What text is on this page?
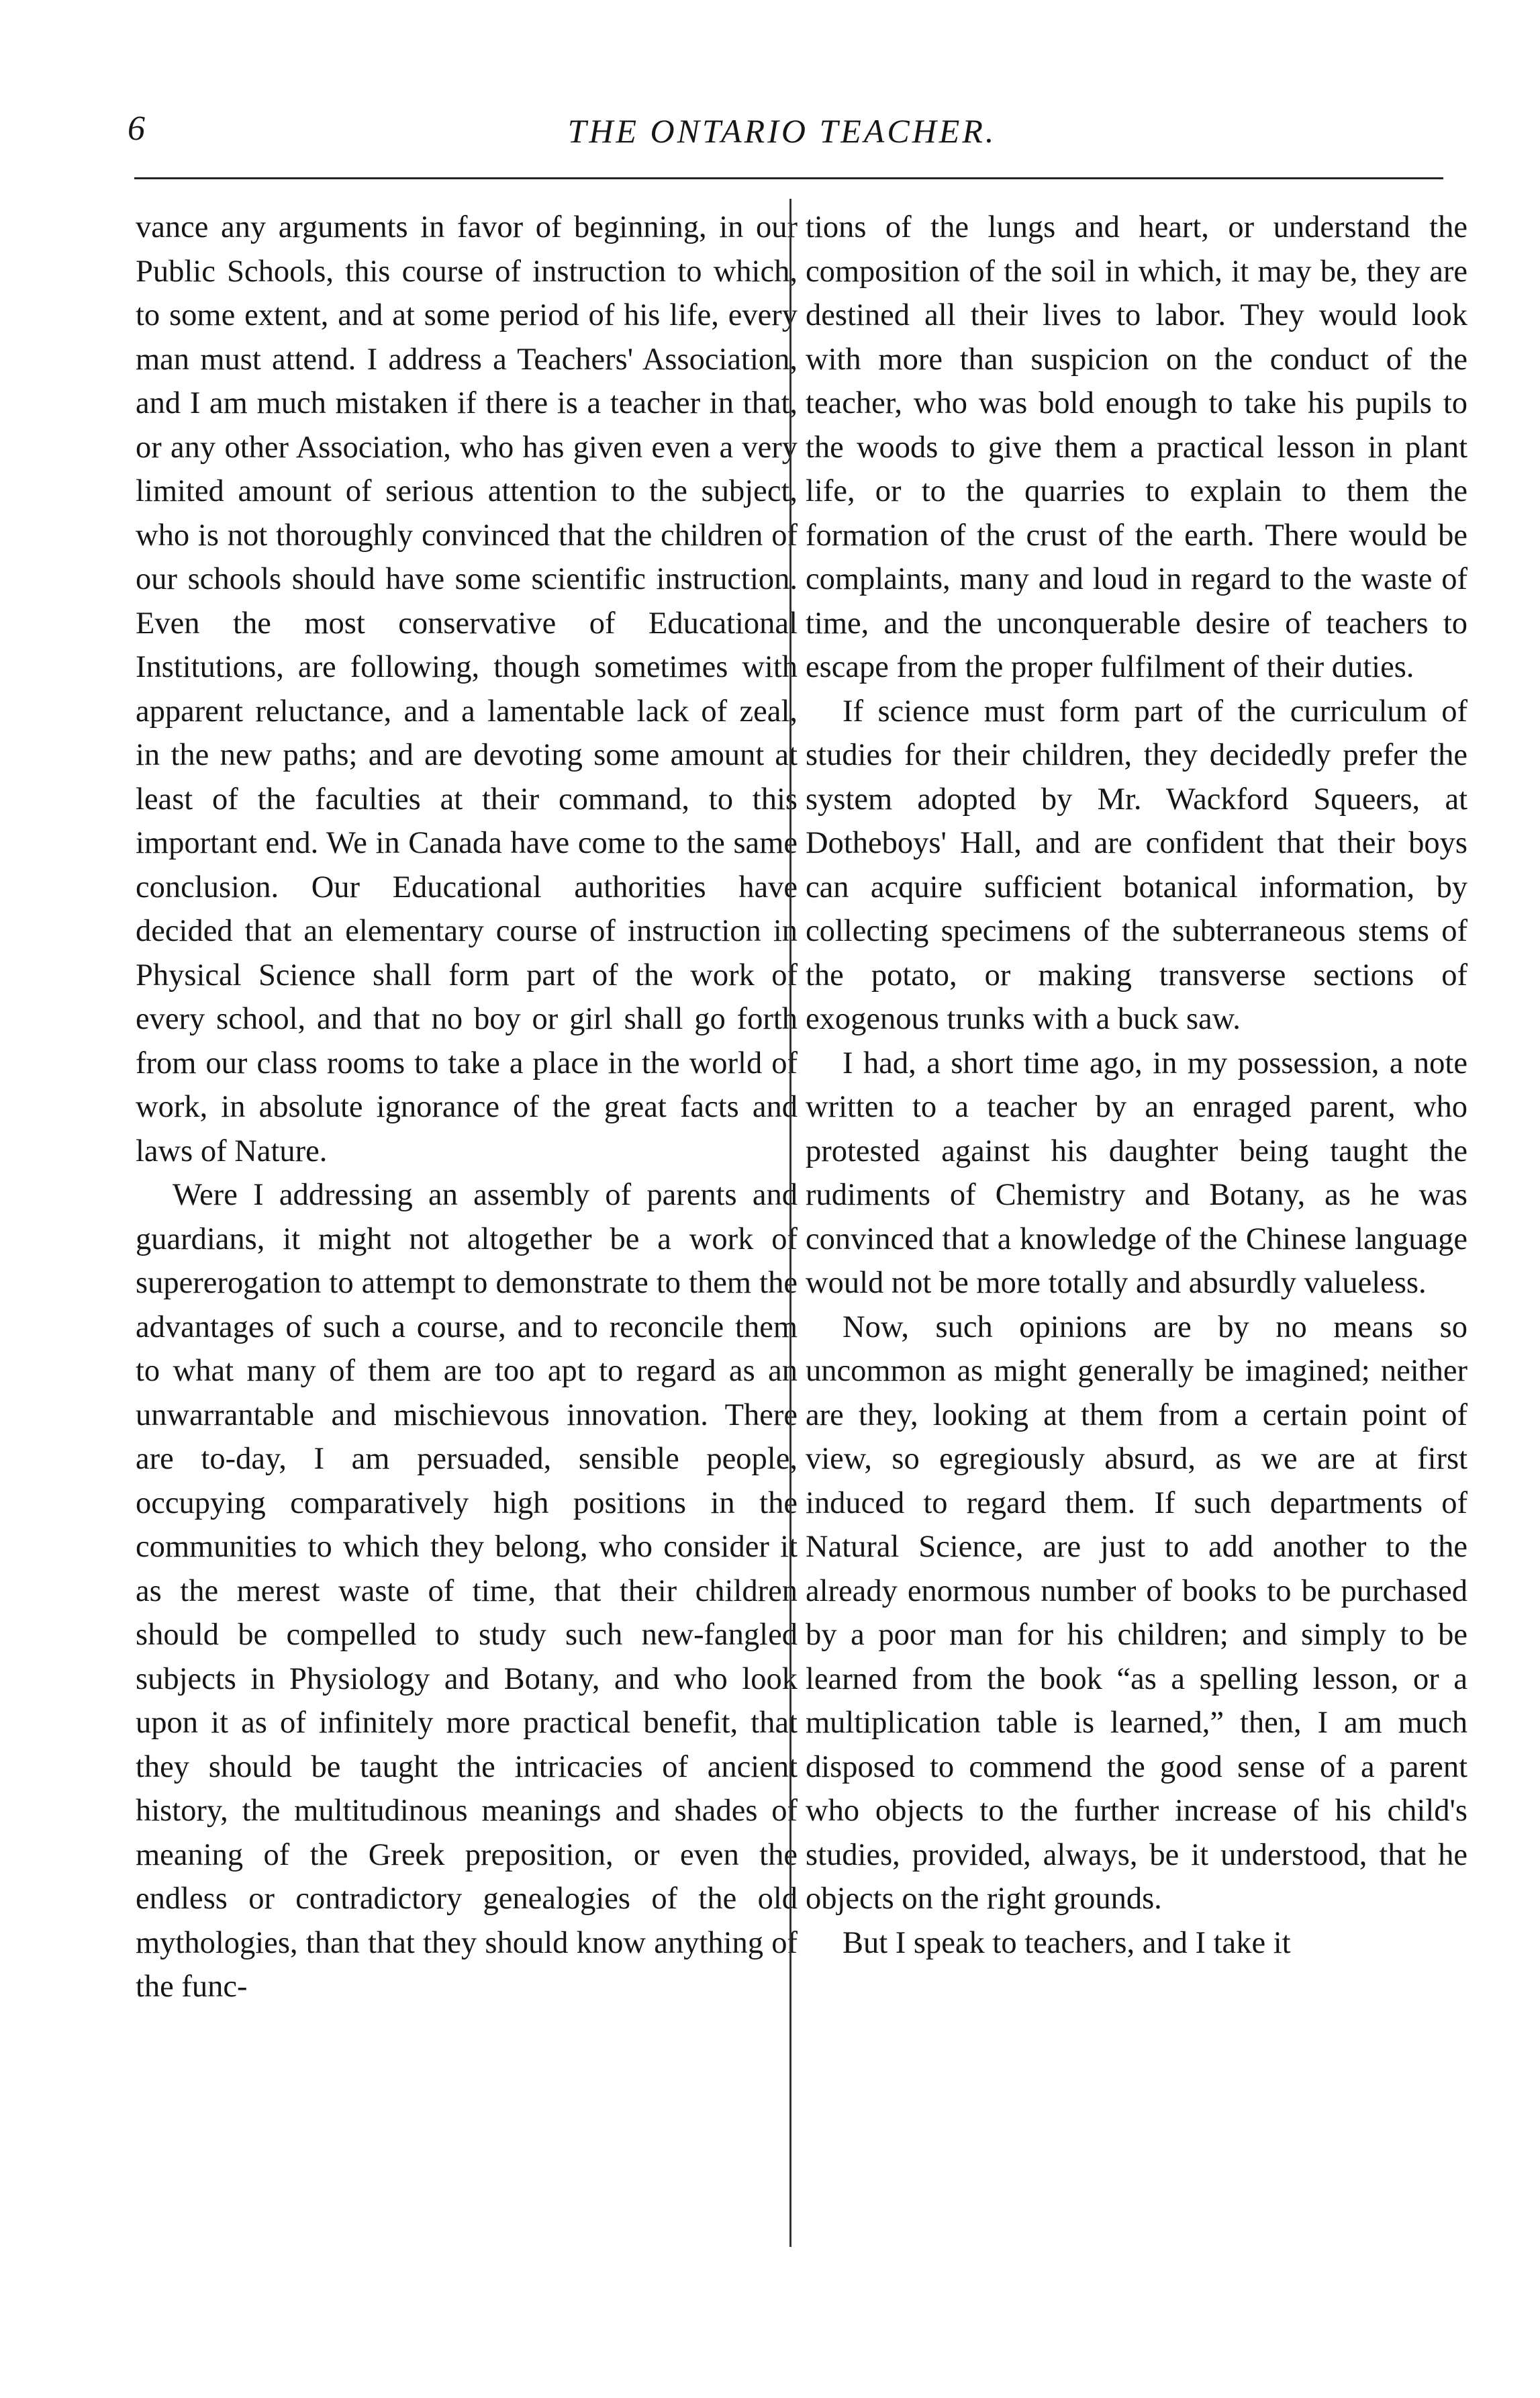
6	THE ONTARIO TEACHER.

vance any arguments in favor of beginning, in our Public Schools, this course of instruction to which, to some extent, and at some period of his life, every man must attend. I address a Teachers' Association, and I am much mistaken if there is a teacher in that, or any other Association, who has given even a very limited amount of serious attention to the subject, who is not thoroughly convinced that the children of our schools should have some scientific instruction. Even the most conservative of Educational Institutions, are following, though sometimes with apparent reluctance, and a lamentable lack of zeal, in the new paths; and are devoting some amount at least of the faculties at their command, to this important end. We in Canada have come to the same conclusion. Our Educational authorities have decided that an elementary course of instruction in Physical Science shall form part of the work of every school, and that no boy or girl shall go forth from our class rooms to take a place in the world of work, in absolute ignorance of the great facts and laws of Nature.

Were I addressing an assembly of parents and guardians, it might not altogether be a work of supererogation to attempt to demonstrate to them the advantages of such a course, and to reconcile them to what many of them are too apt to regard as an unwarrantable and mischievous innovation. There are to-day, I am persuaded, sensible people, occupying comparatively high positions in the communities to which they belong, who consider it as the merest waste of time, that their children should be compelled to study such new-fangled subjects in Physiology and Botany, and who look upon it as of infinitely more practical benefit, that they should be taught the intricacies of ancient history, the multitudinous meanings and shades of meaning of the Greek preposition, or even the endless or contradictory genealogies of the old mythologies, than that they should know anything of the func-

tions of the lungs and heart, or understand the composition of the soil in which, it may be, they are destined all their lives to labor. They would look with more than suspicion on the conduct of the teacher, who was bold enough to take his pupils to the woods to give them a practical lesson in plant life, or to the quarries to explain to them the formation of the crust of the earth. There would be complaints, many and loud in regard to the waste of time, and the unconquerable desire of teachers to escape from the proper fulfilment of their duties.

If science must form part of the curriculum of studies for their children, they decidedly prefer the system adopted by Mr. Wackford Squeers, at Dotheboys' Hall, and are confident that their boys can acquire sufficient botanical information, by collecting specimens of the subterraneous stems of the potato, or making transverse sections of exogenous trunks with a buck saw.

I had, a short time ago, in my possession, a note written to a teacher by an enraged parent, who protested against his daughter being taught the rudiments of Chemistry and Botany, as he was convinced that a knowledge of the Chinese language would not be more totally and absurdly valueless.

Now, such opinions are by no means so uncommon as might generally be imagined; neither are they, looking at them from a certain point of view, so egregiously absurd, as we are at first induced to regard them. If such departments of Natural Science, are just to add another to the already enormous number of books to be purchased by a poor man for his children; and simply to be learned from the book “as a spelling lesson, or a multiplication table is learned,” then, I am much disposed to commend the good sense of a parent who objects to the further increase of his child's studies, provided, always, be it understood, that he objects on the right grounds.

But I speak to teachers, and I take it
